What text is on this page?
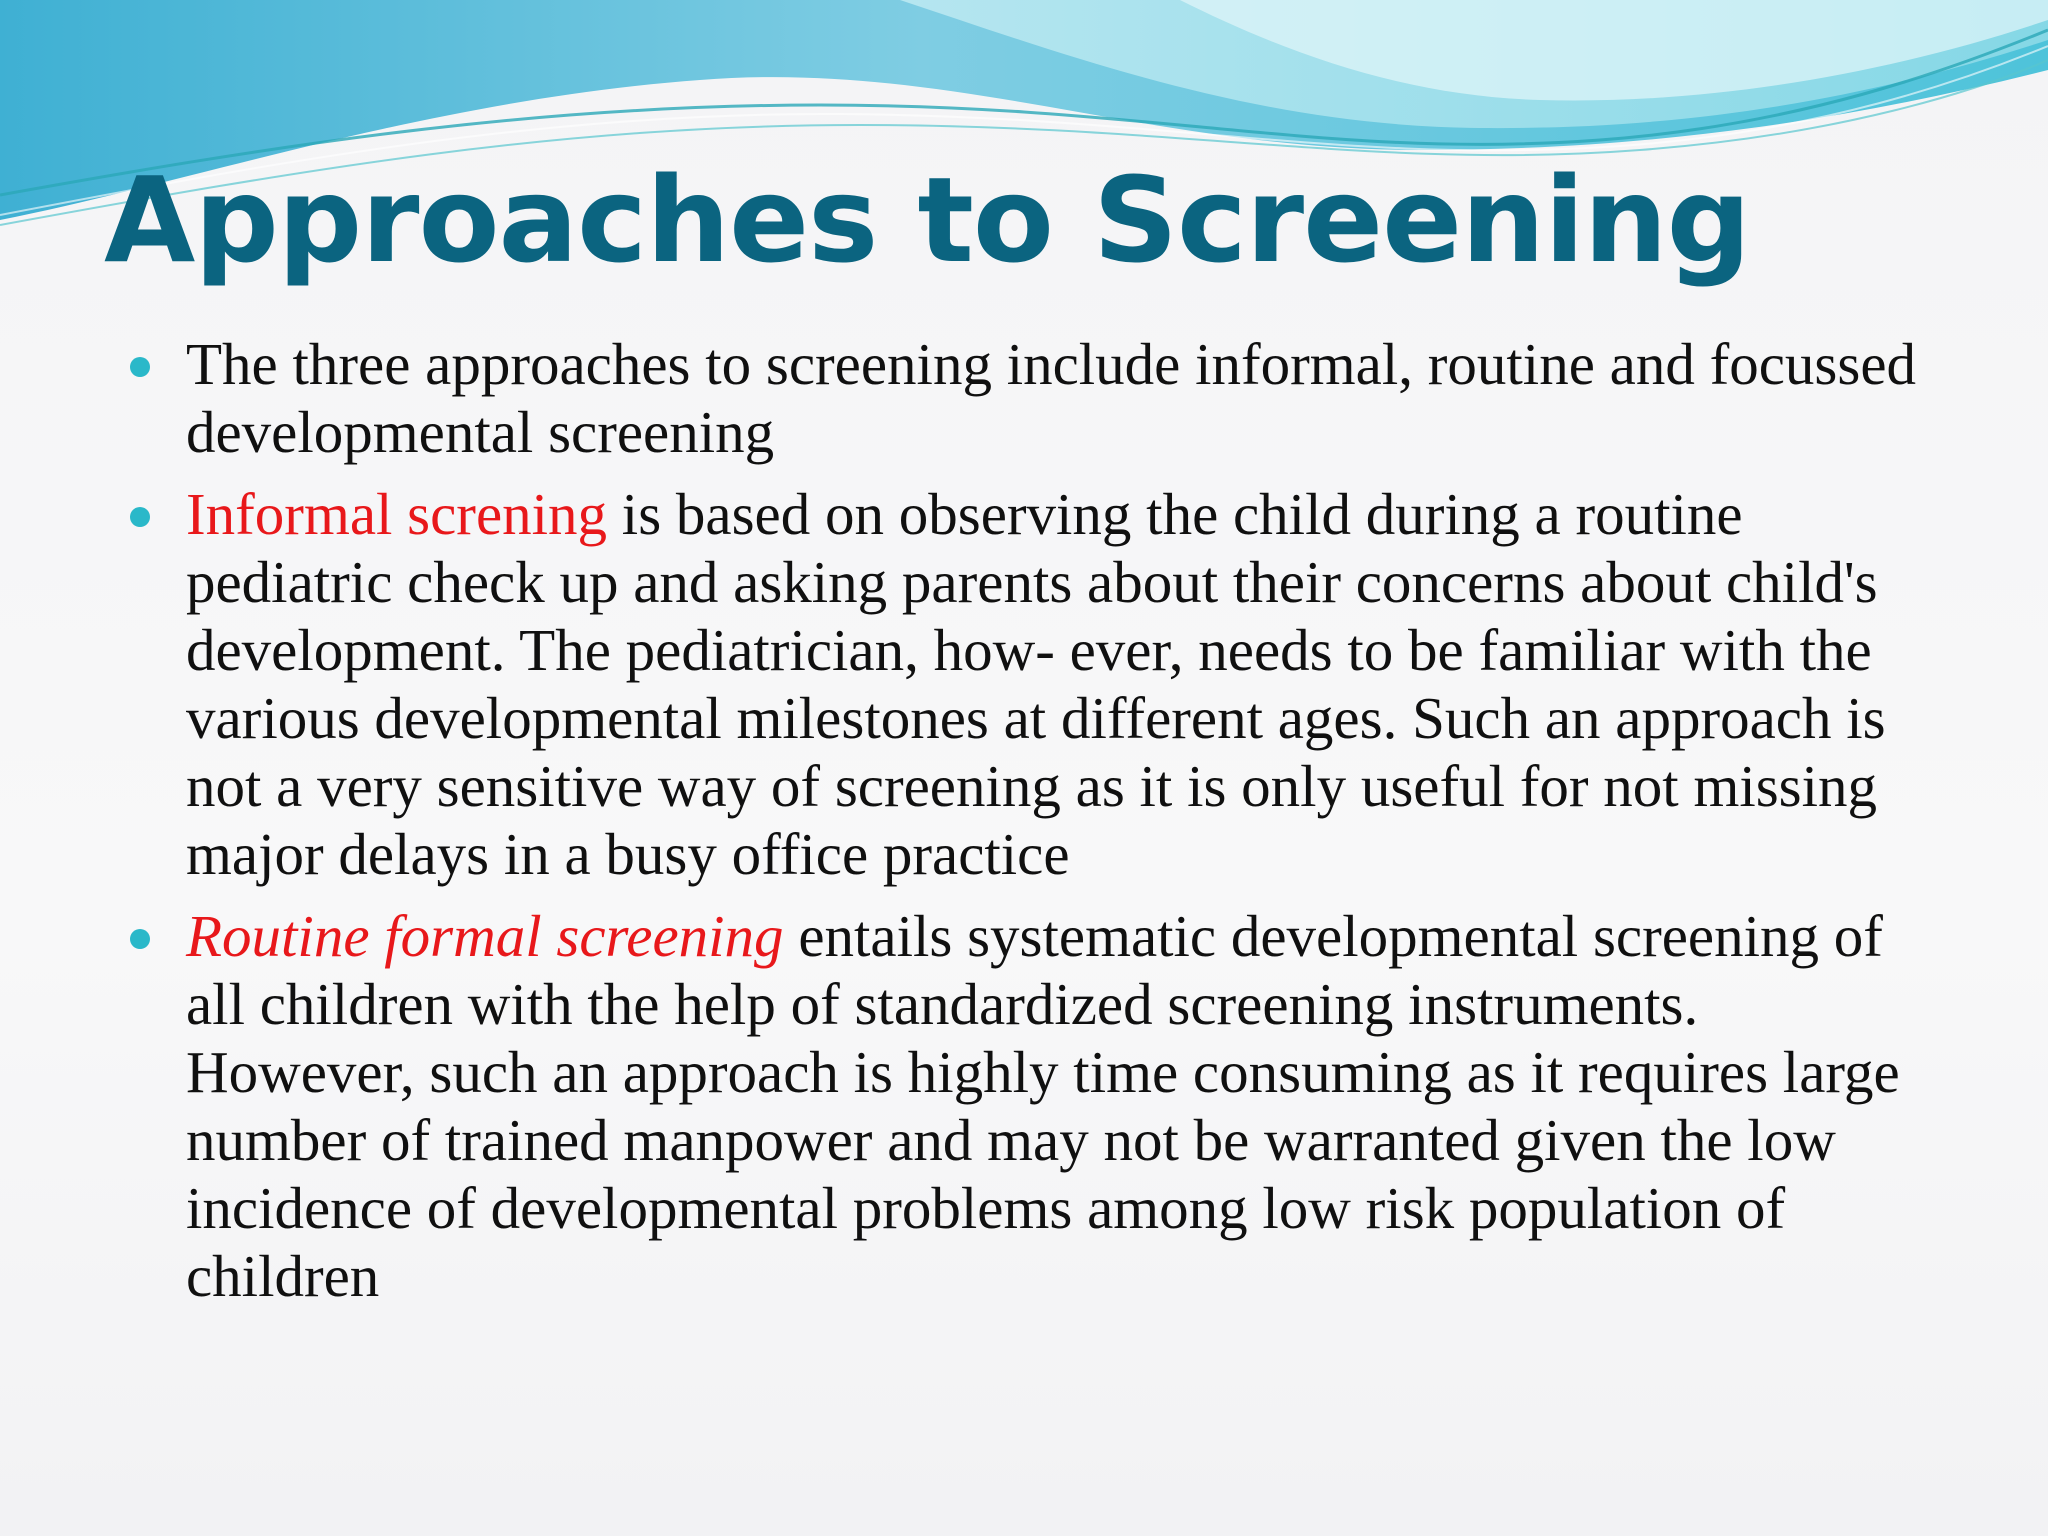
Approaches to Screening
The three approaches to screening include informal, routine and focussed developmental screening
Informal screning is based on observing the child during a routine pediatric check up and asking parents about their concerns about child's development. The pediatrician, how- ever, needs to be familiar with the various developmental milestones at different ages. Such an approach is not a very sensitive way of screening as it is only useful for not missing major delays in a busy office practice
Routine formal screening entails systematic developmental screening of all children with the help of standardized screening instruments. However, such an approach is highly time consuming as it requires large number of trained manpower and may not be warranted given the low incidence of developmental problems among low risk population of children
